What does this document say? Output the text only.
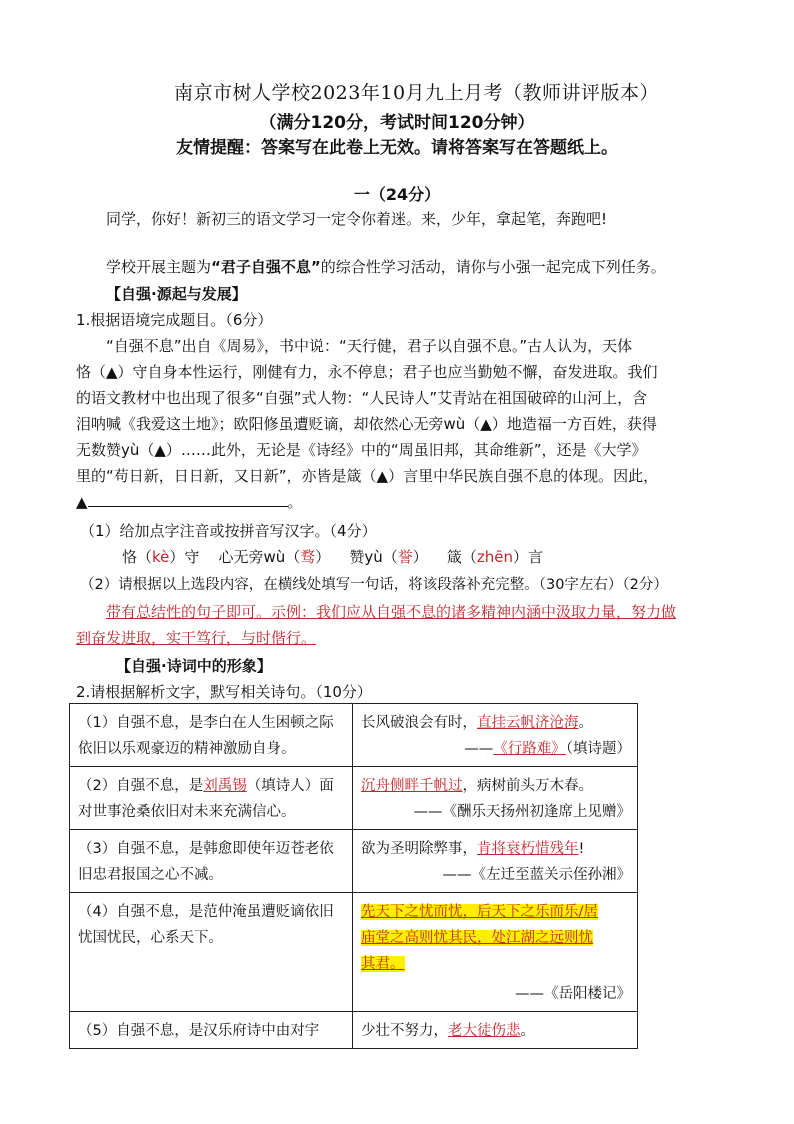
南京市树人学校2023年10月九上月考（教师讲评版本）
（满分120分，考试时间120分钟）
友情提醒：答案写在此卷上无效。请将答案写在答题纸上。
一（24分）
同学，你好！新初三的语文学习一定令你着迷。来，少年，拿起笔，奔跑吧!
学校开展主题为“君子自强不息”的综合性学习活动，请你与小强一起完成下列任务。
【自强·源起与发展】
1.根据语境完成题目。（6分）
“自强不息”出自《周易》，书中说：“天行健，君子以自强不息。”古人认为，天体
恪（▲）守自身本性运行，刚健有力，永不停息；君子也应当勤勉不懈，奋发进取。我们
的语文教材中也出现了很多“自强”式人物：“人民诗人”艾青站在祖国破碎的山河上，含
泪呐喊《我爱这土地》；欧阳修虽遭贬谪，却依然心无旁wù（▲）地造福一方百姓，获得
无数赞yù（▲）……此外，无论是《诗经》中的“周虽旧邦，其命维新”，还是《大学》
里的“苟日新，日日新，又日新”，亦皆是箴（▲）言里中华民族自强不息的体现。因此，
▲	。
（1）给加点字注音或按拼音写汉字。（4分）
恪（kè）守 心无旁wù（骛） 赞yù（誉） 箴（zhēn）言
（2）请根据以上选段内容，在横线处填写一句话，将该段落补充完整。（30字左右）（2分）
带有总结性的句子即可。示例：我们应从自强不息的诸多精神内涵中汲取力量，努力做
到奋发进取，实干笃行，与时偕行。
【自强·诗词中的形象】
2.请根据解析文字，默写相关诗句。（10分）
（1）自强不息，是李白在人生困顿之际依旧以乐观豪迈的精神激励自身。	长风破浪会有时，直挂云帆济沧海。
——《行路难》（填诗题）

（2）自强不息，是刘禹锡（填诗人）面对世事沧桑依旧对未来充满信心。	沉舟侧畔千帆过，病树前头万木春。
——《酬乐天扬州初逢席上见赠》

（3）自强不息，是韩愈即使年迈苍老依旧忠君报国之心不减。	欲为圣明除弊事，肯将衰朽惜残年!
——《左迁至蓝关示侄孙湘》

（4）自强不息，是范仲淹虽遭贬谪依旧忧国忧民，心系天下。	先天下之忧而忧，后天下之乐而乐/居
庙堂之高则忧其民，处江湖之远则忧
其君。
——《岳阳楼记》

（5）自强不息，是汉乐府诗中由对宇	少壮不努力，老大徒伤悲。
